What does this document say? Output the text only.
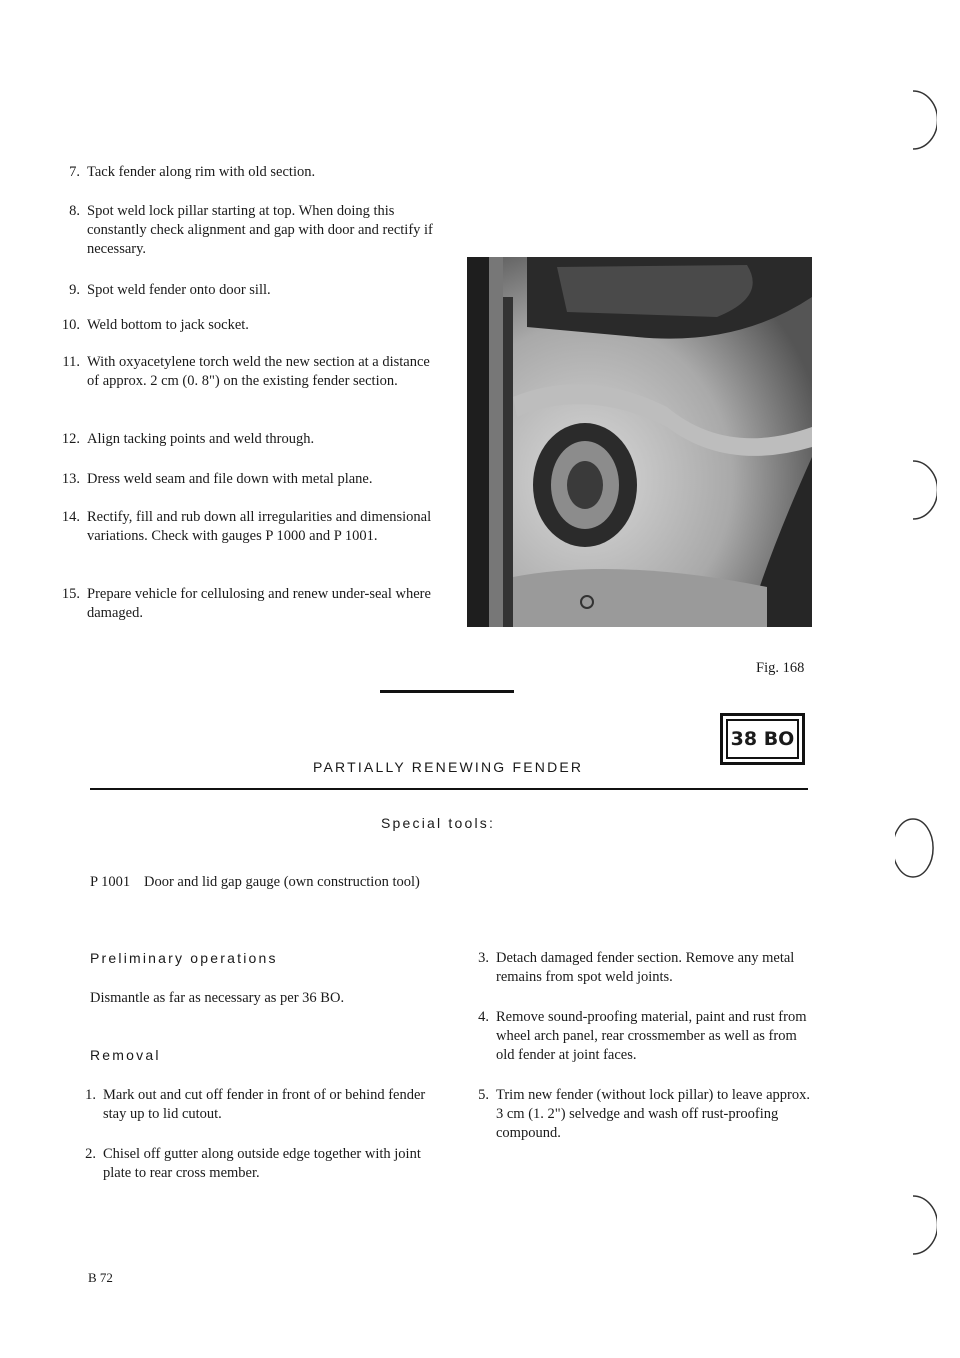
7. Tack fender along rim with old section.
8. Spot weld lock pillar starting at top. When doing this constantly check alignment and gap with door and rectify if necessary.
9. Spot weld fender onto door sill.
10. Weld bottom to jack socket.
11. With oxyacetylene torch weld the new section at a distance of approx. 2 cm (0. 8") on the existing fender section.
12. Align tacking points and weld through.
13. Dress weld seam and file down with metal plane.
14. Rectify, fill and rub down all irregularities and dimensional variations. Check with gauges P 1000 and P 1001.
15. Prepare vehicle for cellulosing and renew under-seal where damaged.
Fig. 168
PARTIALLY RENEWING FENDER
38 BO
Special tools:
P 1001 Door and lid gap gauge (own construction tool)
Preliminary operations
Dismantle as far as necessary as per 36 BO.
Removal
1. Mark out and cut off fender in front of or behind fender stay up to lid cutout.
2. Chisel off gutter along outside edge together with joint plate to rear cross member.
3. Detach damaged fender section. Remove any metal remains from spot weld joints.
4. Remove sound-proofing material, paint and rust from wheel arch panel, rear crossmember as well as from old fender at joint faces.
5. Trim new fender (without lock pillar) to leave approx. 3 cm (1. 2") selvedge and wash off rust-proofing compound.
B 72
